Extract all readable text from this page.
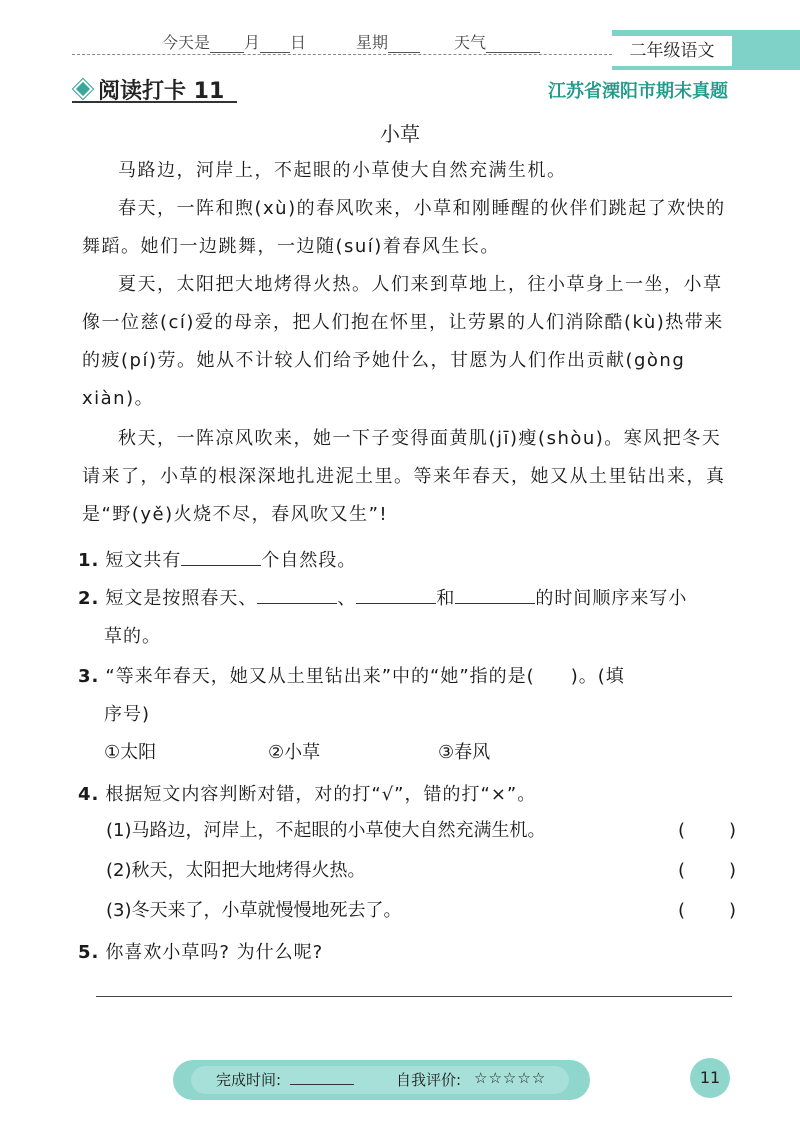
今天是 月 日	星期	天气	二年级语文
阅读打卡 11	江苏省溧阳市期末真题
小草
马路边，河岸上，不起眼的小草使大自然充满生机。
春天，一阵和煦(xù)的春风吹来，小草和刚睡醒的伙伴们跳起了欢快的舞蹈。她们一边跳舞，一边随(suí)着春风生长。
夏天，太阳把大地烤得火热。人们来到草地上，往小草身上一坐，小草像一位慈(cí)爱的母亲，把人们抱在怀里，让劳累的人们消除酷(kù)热带来的疲(pí)劳。她从不计较人们给予她什么，甘愿为人们作出贡献(gòng xiàn)。
秋天，一阵凉风吹来，她一下子变得面黄肌(jī)瘦(shòu)。寒风把冬天请来了，小草的根深深地扎进泥土里。等来年春天，她又从土里钻出来，真是“野(yě)火烧不尽，春风吹又生”!
1. 短文共有	个自然段。
2. 短文是按照春天、	、	和	的时间顺序来写小
草的。
3. “等来年春天，她又从土里钻出来”中的“她”指的是( )。(填
序号)
①太阳	②小草	③春风
4. 根据短文内容判断对错，对的打“√”，错的打“×”。
(1)马路边，河岸上，不起眼的小草使大自然充满生机。	( )
(2)秋天，太阳把大地烤得火热。	( )
(3)冬天来了，小草就慢慢地死去了。	( )
5. 你喜欢小草吗? 为什么呢?
完成时间:	自我评价: ☆☆☆☆☆	11
